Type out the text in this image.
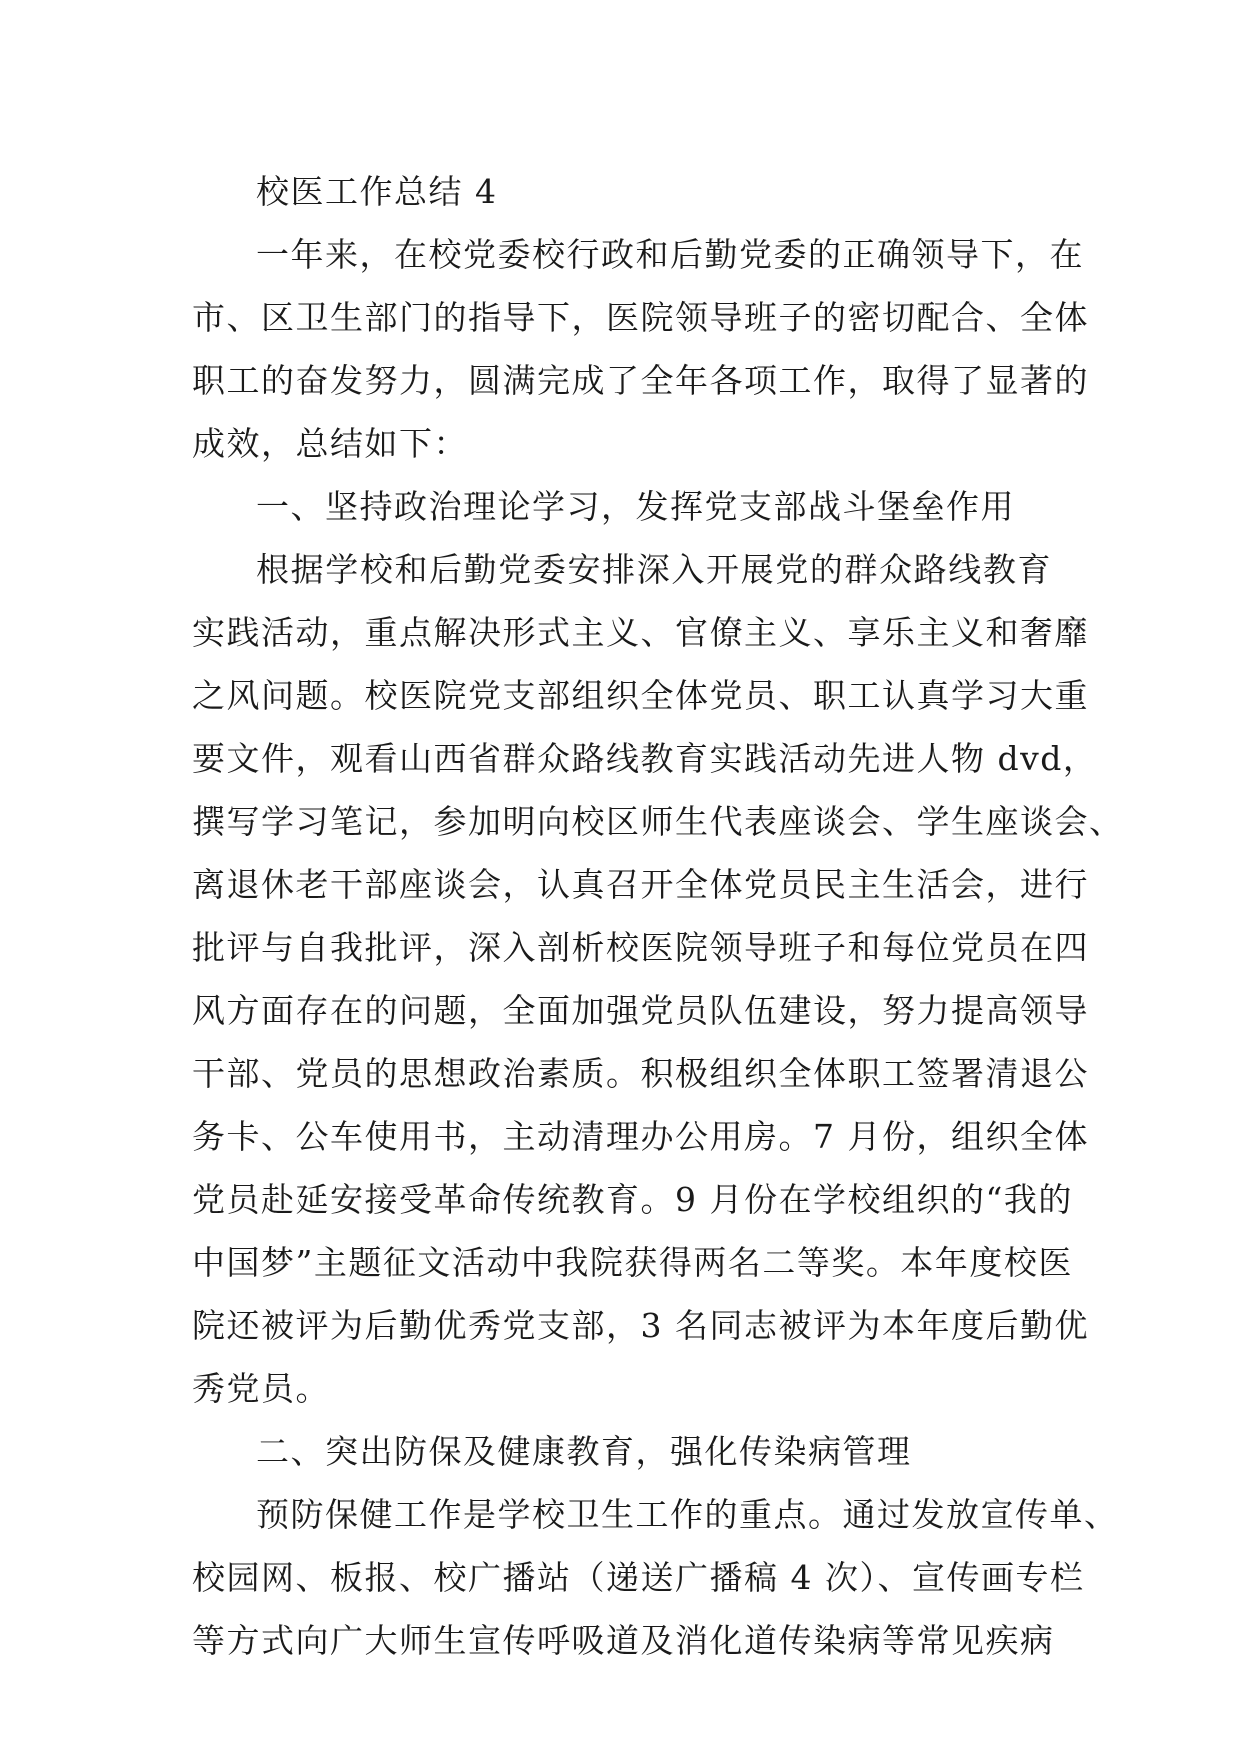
校医工作总结 4

一年来，在校党委校行政和后勤党委的正确领导下，在

市、区卫生部门的指导下，医院领导班子的密切配合、全体

职工的奋发努力，圆满完成了全年各项工作，取得了显著的

成效，总结如下：

一、坚持政治理论学习，发挥党支部战斗堡垒作用

根据学校和后勤党委安排深入开展党的群众路线教育

实践活动，重点解决形式主义、官僚主义、享乐主义和奢靡

之风问题。校医院党支部组织全体党员、职工认真学习大重

要文件，观看山西省群众路线教育实践活动先进人物 dvd，

撰写学习笔记，参加明向校区师生代表座谈会、学生座谈会、

离退休老干部座谈会，认真召开全体党员民主生活会，进行

批评与自我批评，深入剖析校医院领导班子和每位党员在四

风方面存在的问题，全面加强党员队伍建设，努力提高领导

干部、党员的思想政治素质。积极组织全体职工签署清退公

务卡、公车使用书，主动清理办公用房。7 月份，组织全体

党员赴延安接受革命传统教育。9 月份在学校组织的“我的

中国梦”主题征文活动中我院获得两名二等奖。本年度校医

院还被评为后勤优秀党支部，3 名同志被评为本年度后勤优

秀党员。

二、突出防保及健康教育，强化传染病管理

预防保健工作是学校卫生工作的重点。通过发放宣传单、

校园网、板报、校广播站（递送广播稿 4 次）、宣传画专栏

等方式向广大师生宣传呼吸道及消化道传染病等常见疾病
